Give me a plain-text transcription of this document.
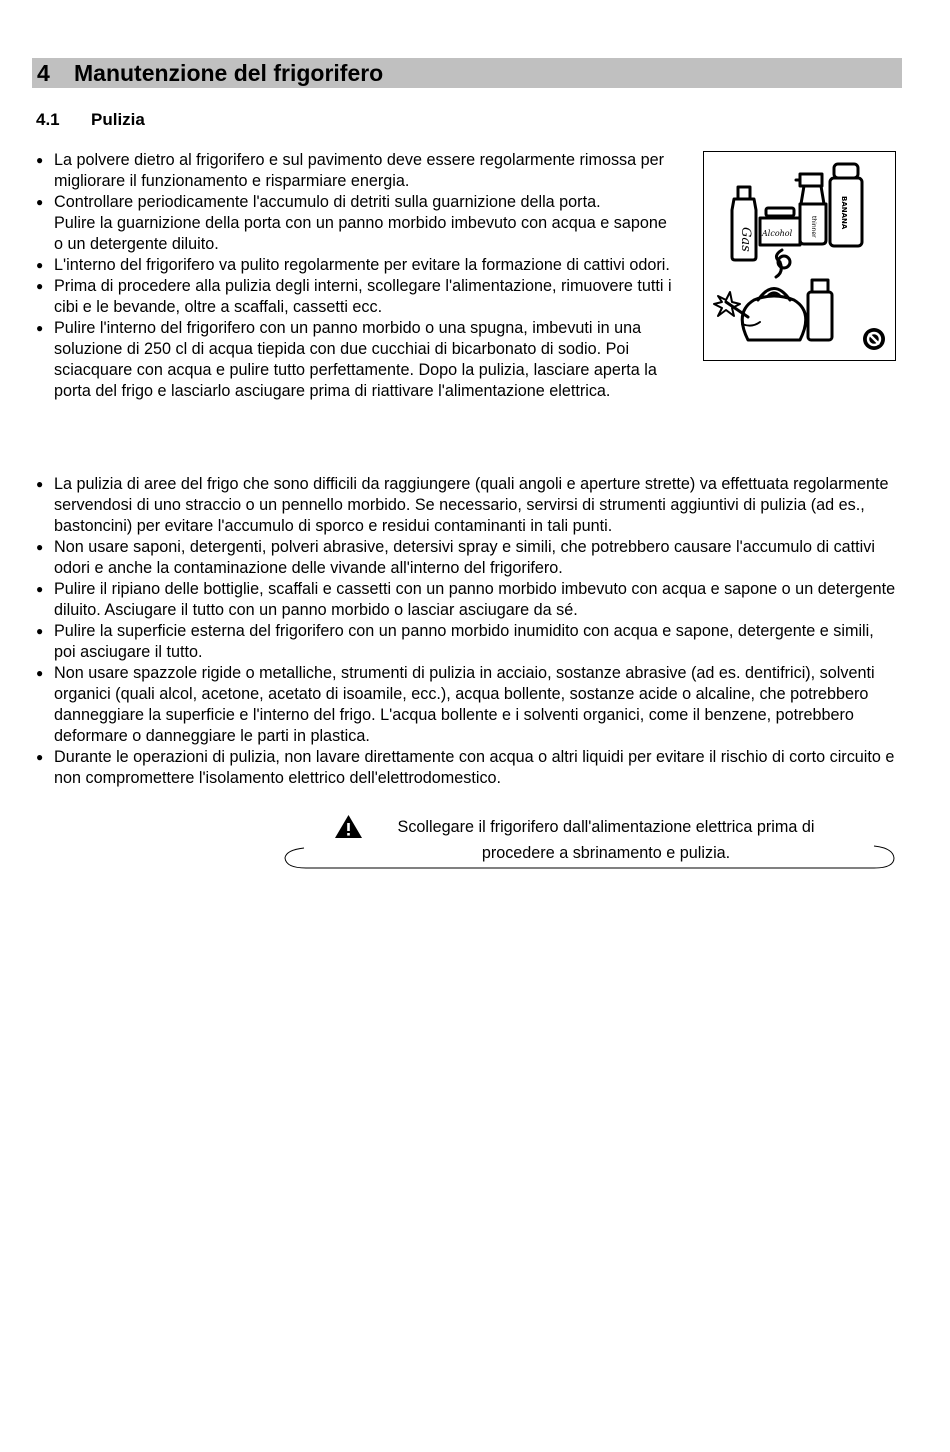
4 Manutenzione del frigorifero
4.1 Pulizia
● La polvere dietro al frigorifero e sul pavimento deve essere regolarmente rimossa per migliorare il funzionamento e risparmiare energia.
● Controllare periodicamente l'accumulo di detriti sulla guarnizione della porta.
Pulire la guarnizione della porta con un panno morbido imbevuto con acqua e sapone o un detergente diluito.
● L'interno del frigorifero va pulito regolarmente per evitare la formazione di cattivi odori.
● Prima di procedere alla pulizia degli interni, scollegare l'alimentazione, rimuovere tutti i cibi e le bevande, oltre a scaffali, cassetti ecc.
● Pulire l'interno del frigorifero con un panno morbido o una spugna, imbevuti in una soluzione di 250 cl di acqua tiepida con due cucchiai di bicarbonato di sodio. Poi sciacquare con acqua e pulire tutto perfettamente. Dopo la pulizia, lasciare aperta la porta del frigo e lasciarlo asciugare prima di riattivare l'alimentazione elettrica.
Gas Alcohol	thinner	BANANA
● La pulizia di aree del frigo che sono difficili da raggiungere (quali angoli e aperture strette) va effettuata regolarmente servendosi di uno straccio o un pennello morbido. Se necessario, servirsi di strumenti aggiuntivi di pulizia (ad es., bastoncini) per evitare l'accumulo di sporco e residui contaminanti in tali punti.
● Non usare saponi, detergenti, polveri abrasive, detersivi spray e simili, che potrebbero causare l'accumulo di cattivi odori e anche la contaminazione delle vivande all'interno del frigorifero.
● Pulire il ripiano delle bottiglie, scaffali e cassetti con un panno morbido imbevuto con acqua e sapone o un detergente diluito. Asciugare il tutto con un panno morbido o lasciar asciugare da sé.
● Pulire la superficie esterna del frigorifero con un panno morbido inumidito con acqua e sapone, detergente e simili, poi asciugare il tutto.
● Non usare spazzole rigide o metalliche, strumenti di pulizia in acciaio, sostanze abrasive (ad es. dentifrici), solventi organici (quali alcol, acetone, acetato di isoamile, ecc.), acqua bollente, sostanze acide o alcaline, che potrebbero danneggiare la superficie e l'interno del frigo. L'acqua bollente e i solventi organici, come il benzene, potrebbero deformare o danneggiare le parti in plastica.
● Durante le operazioni di pulizia, non lavare direttamente con acqua o altri liquidi per evitare il rischio di corto circuito e non compromettere l'isolamento elettrico dell'elettrodomestico.
Scollegare il frigorifero dall'alimentazione elettrica prima di
procedere a sbrinamento e pulizia.
